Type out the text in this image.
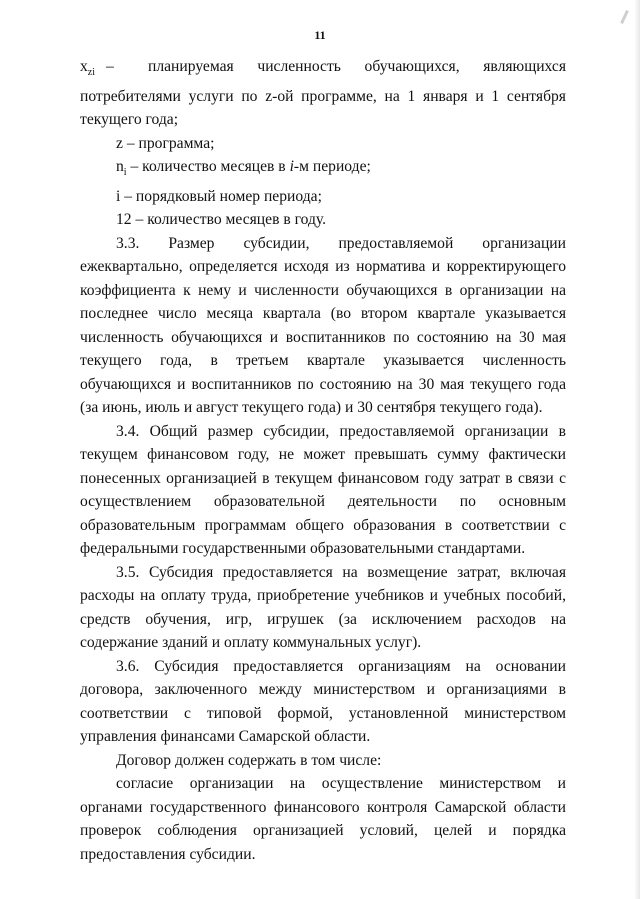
11
$x_{zi}$ –	планируемая численность обучающихся, являющихся

потребителями услуги по z-ой программе, на 1 января и 1 сентября текущего года;

z – программа;

$n_i$ – количество месяцев в i-м периоде;

i – порядковый номер периода;

12 – количество месяцев в году.

3.3. Размер субсидии, предоставляемой организации ежеквартально, определяется исходя из норматива и корректирующего коэффициента к нему и численности обучающихся в организации на последнее число месяца квартала (во втором квартале указывается численность обучающихся и воспитанников по состоянию на 30 мая текущего года, в третьем квартале указывается численность обучающихся и воспитанников по состоянию на 30 мая текущего года (за июнь, июль и август текущего года) и 30 сентября текущего года).

3.4. Общий размер субсидии, предоставляемой организации в текущем финансовом году, не может превышать сумму фактически понесенных организацией в текущем финансовом году затрат в связи с осуществлением образовательной деятельности по основным образовательным программам общего образования в соответствии с федеральными государственными образовательными стандартами.

3.5. Субсидия предоставляется на возмещение затрат, включая расходы на оплату труда, приобретение учебников и учебных пособий, средств обучения, игр, игрушек (за исключением расходов на содержание зданий и оплату коммунальных услуг).

3.6. Субсидия предоставляется организациям на основании договора, заключенного между министерством и организациями в соответствии с типовой формой, установленной министерством управления финансами Самарской области.

Договор должен содержать в том числе:

согласие организации на осуществление министерством и органами государственного финансового контроля Самарской области проверок соблюдения организацией условий, целей и порядка предоставления субсидии.
